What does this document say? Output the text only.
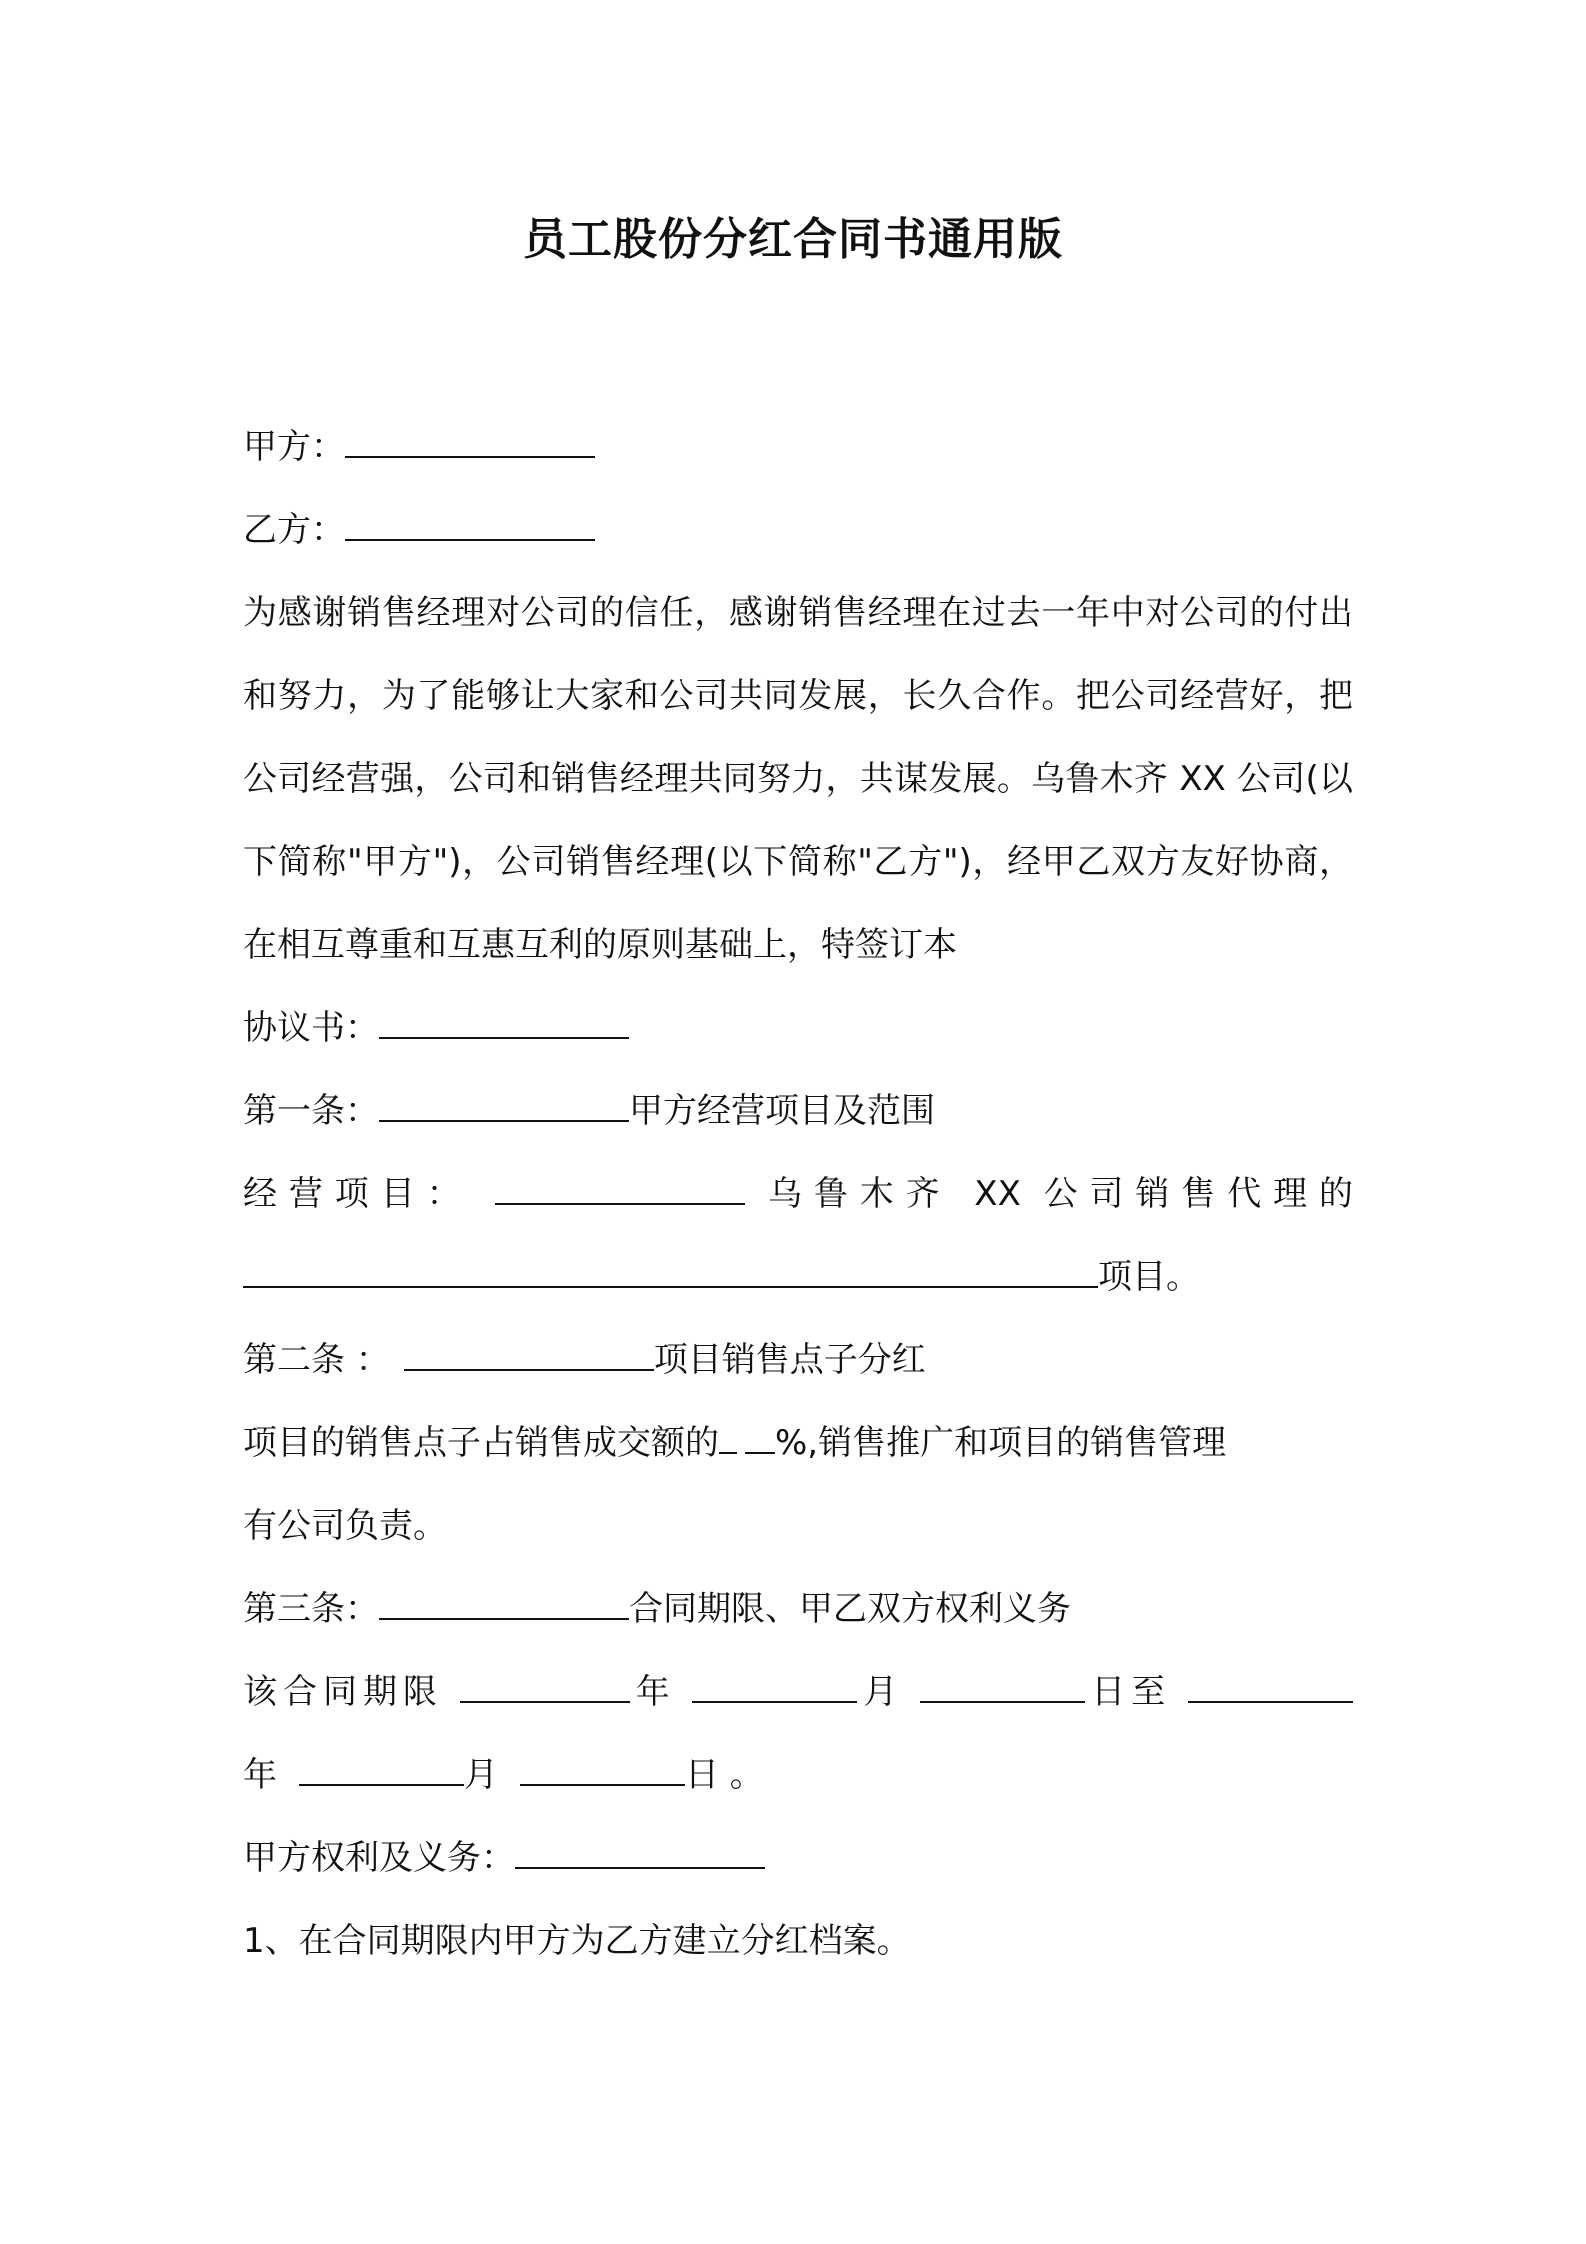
员工股份分红合同书通用版
甲方：
乙方：
为感谢销售经理对公司的信任，感谢销售经理在过去一年中对公司的付出和努力，为了能够让大家和公司共同发展，长久合作。把公司经营好，把公司经营强，公司和销售经理共同努力，共谋发展。乌鲁木齐 XX 公司(以下简称"甲方")，公司销售经理(以下简称"乙方")，经甲乙双方友好协商，在相互尊重和互惠互利的原则基础上，特签订本
协议书：
第一条：	甲方经营项目及范围
经营项目：	乌鲁木齐 XX 公司销售代理的
项目。
第二条 ：	项目销售点子分红
项目的销售点子占销售成交额的 %,销售推广和项目的销售管理
有公司负责。
第三条：	合同期限、甲乙双方权利义务
该合同期限	年	月	日至
年	月	日 。
甲方权利及义务：
1、在合同期限内甲方为乙方建立分红档案。
